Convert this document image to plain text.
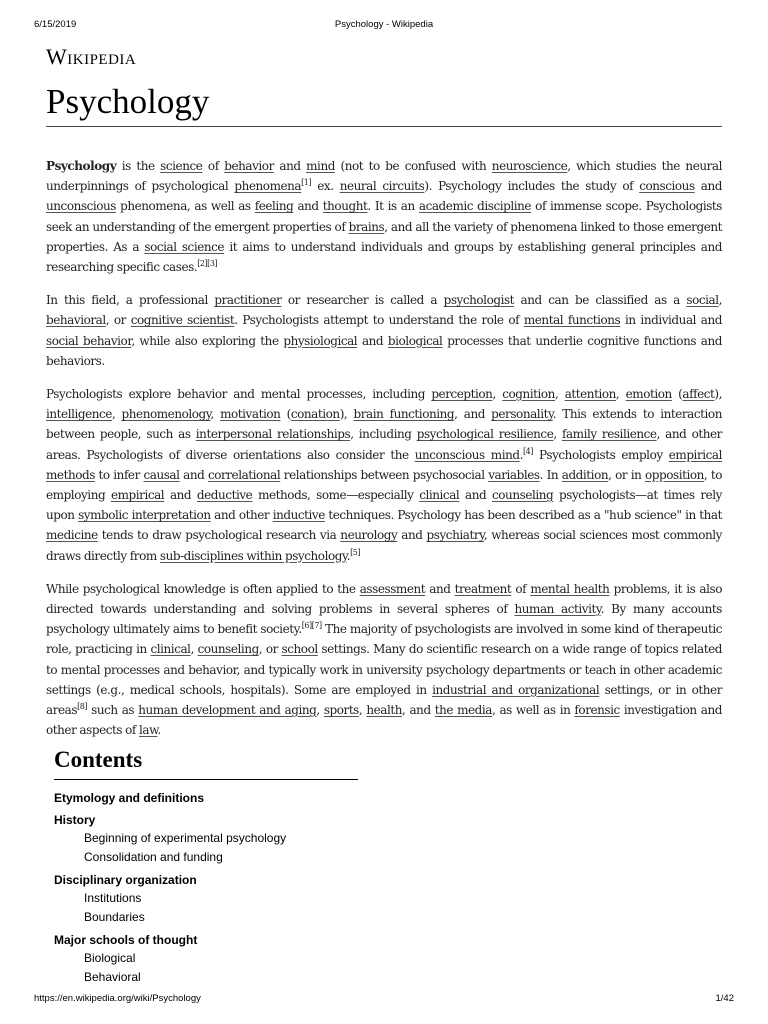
6/15/2019	Psychology - Wikipedia
Wikipedia
Psychology

Psychology is the science of behavior and mind (not to be confused with neuroscience, which studies the neural underpinnings of psychological phenomena[1] ex. neural circuits). Psychology includes the study of conscious and unconscious phenomena, as well as feeling and thought. It is an academic discipline of immense scope. Psychologists seek an understanding of the emergent properties of brains, and all the variety of phenomena linked to those emergent properties. As a social science it aims to understand individuals and groups by establishing general principles and researching specific cases.[2][3]

In this field, a professional practitioner or researcher is called a psychologist and can be classified as a social, behavioral, or cognitive scientist. Psychologists attempt to understand the role of mental functions in individual and social behavior, while also exploring the physiological and biological processes that underlie cognitive functions and behaviors.

Psychologists explore behavior and mental processes, including perception, cognition, attention, emotion (affect), intelligence, phenomenology, motivation (conation), brain functioning, and personality. This extends to interaction between people, such as interpersonal relationships, including psychological resilience, family resilience, and other areas. Psychologists of diverse orientations also consider the unconscious mind.[4] Psychologists employ empirical methods to infer causal and correlational relationships between psychosocial variables. In addition, or in opposition, to employing empirical and deductive methods, some—especially clinical and counseling psychologists—at times rely upon symbolic interpretation and other inductive techniques. Psychology has been described as a "hub science" in that medicine tends to draw psychological research via neurology and psychiatry, whereas social sciences most commonly draws directly from sub-disciplines within psychology.[5]

While psychological knowledge is often applied to the assessment and treatment of mental health problems, it is also directed towards understanding and solving problems in several spheres of human activity. By many accounts psychology ultimately aims to benefit society.[6][7] The majority of psychologists are involved in some kind of therapeutic role, practicing in clinical, counseling, or school settings. Many do scientific research on a wide range of topics related to mental processes and behavior, and typically work in university psychology departments or teach in other academic settings (e.g., medical schools, hospitals). Some are employed in industrial and organizational settings, or in other areas[8] such as human development and aging, sports, health, and the media, as well as in forensic investigation and other aspects of law.

Contents
Etymology and definitions
History
Beginning of experimental psychology
Consolidation and funding
Disciplinary organization
Institutions
Boundaries
Major schools of thought
Biological
Behavioral
https://en.wikipedia.org/wiki/Psychology	1/42
